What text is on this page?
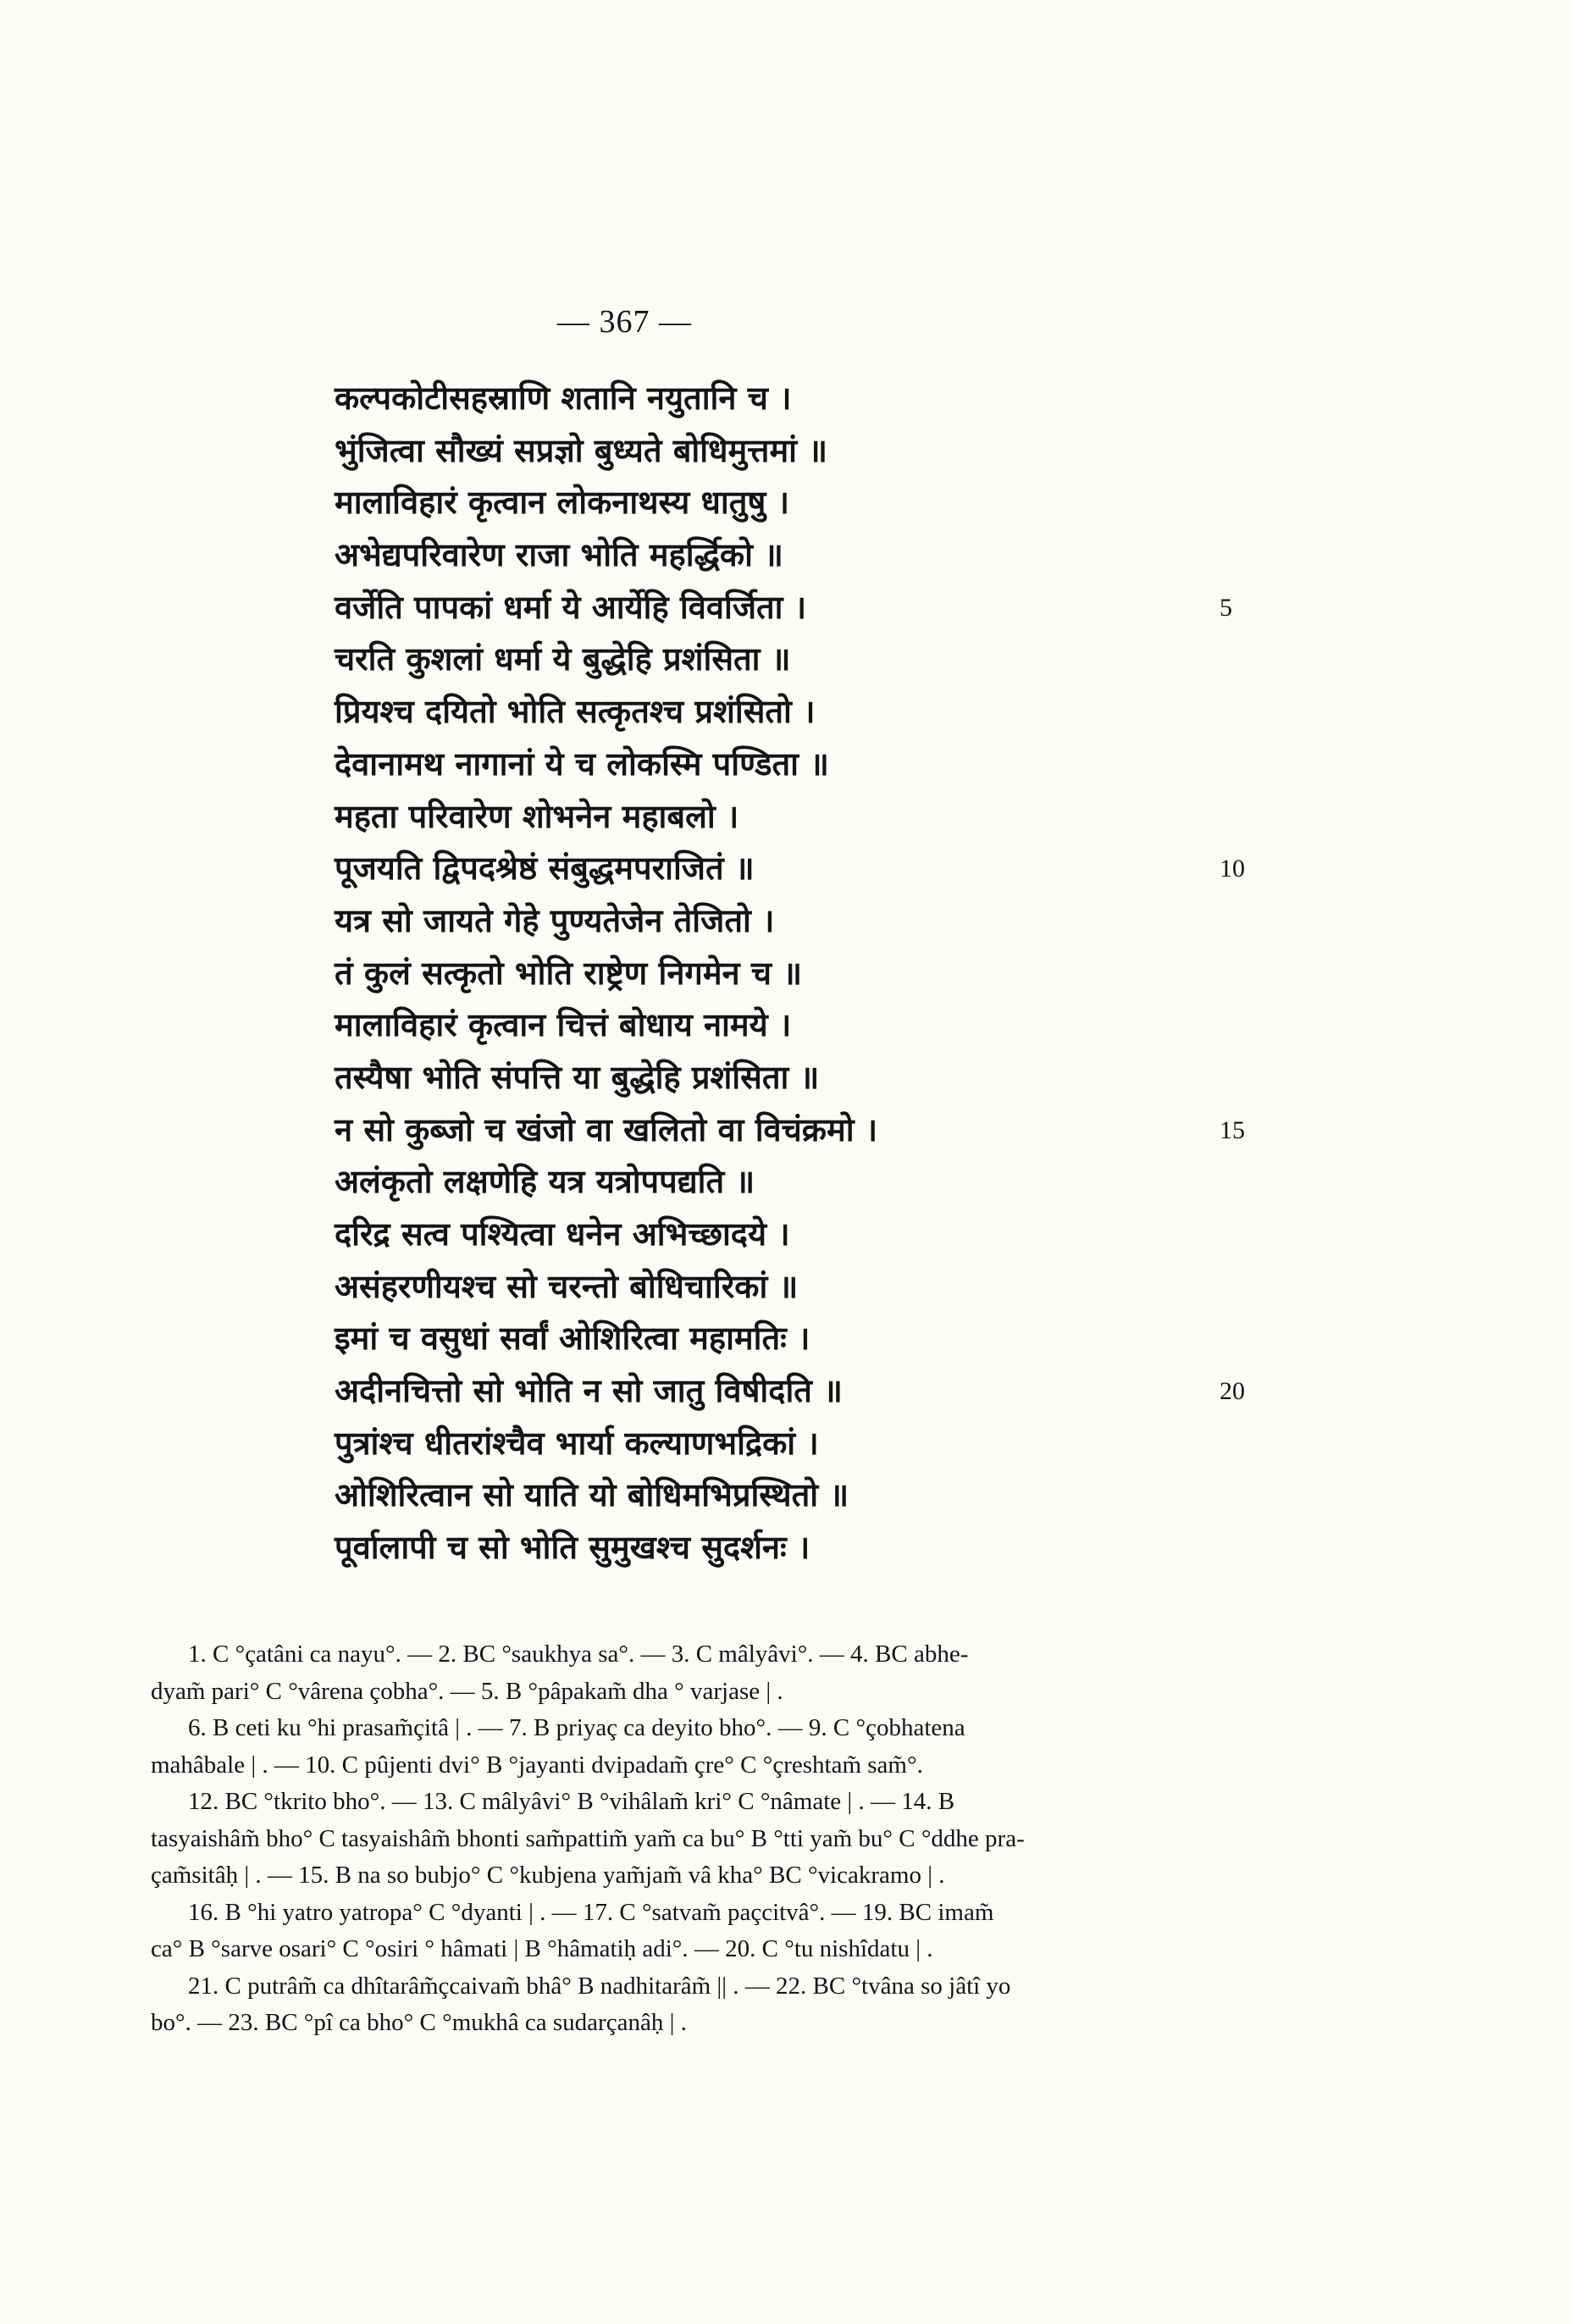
— 367 —
कल्पकोटीसहस्राणि शतानि नयुतानि च ।
भुंजित्वा सौख्यं सप्रज्ञो बुध्यते बोधिमुत्तमां ॥
मालाविहारं कृत्वान लोकनाथस्य धातुषु ।
अभेद्यपरिवारेण राजा भोति महर्द्धिको ॥
वर्जेति पापकां धर्मा ये आर्येहि विवर्जिता ।	5
चरति कुशलां धर्मा ये बुद्धेहि प्रशंसिता ॥
प्रियश्च दयितो भोति सत्कृतश्च प्रशंसितो ।
देवानामथ नागानां ये च लोकस्मि पण्डिता ॥
महता परिवारेण शोभनेन महाबलो ।
पूजयति द्विपदश्रेष्ठं संबुद्धमपराजितं ॥	10
यत्र सो जायते गेहे पुण्यतेजेन तेजितो ।
तं कुलं सत्कृतो भोति राष्ट्रेण निगमेन च ॥
मालाविहारं कृत्वान चित्तं बोधाय नामये ।
तस्यैषा भोति संपत्ति या बुद्धेहि प्रशंसिता ॥
न सो कुब्जो च खंजो वा खलितो वा विचंक्रमो ।	15
अलंकृतो लक्षणेहि यत्र यत्रोपपद्यति ॥
दरिद्र सत्व पश्यित्वा धनेन अभिच्छादये ।
असंहरणीयश्च सो चरन्तो बोधिचारिकां ॥
इमां च वसुधां सर्वां ओशिरित्वा महामतिः ।
अदीनचित्तो सो भोति न सो जातु विषीदति ॥	20
पुत्रांश्च धीतरांश्चैव भार्या कल्याणभद्रिकां ।
ओशिरित्वान सो याति यो बोधिमभिप्रस्थितो ॥
पूर्वालापी च सो भोति सुमुखश्च सुदर्शनः ।
1. C °çatâni ca nayu°. — 2. BC °saukhya sa°. — 3. C mâlyâvi°. — 4. BC abhe-
dyam̃ pari° C °vârena çobha°. — 5. B °pâpakam̃ dha ° varjase | .
6. B ceti ku °hi prasam̃çitâ | . — 7. B priyaç ca deyito bho°. — 9. C °çobhatena
mahâbale | . — 10. C pûjenti dvi° B °jayanti dvipadam̃ çre° C °çreshtam̃ sam̃°.
12. BC °tkrito bho°. — 13. C mâlyâvi° B °vihâlam̃ kri° C °nâmate | . — 14. B
tasyaishâm̃ bho° C tasyaishâm̃ bhonti sam̃pattim̃ yam̃ ca bu° B °tti yam̃ bu° C °ddhe pra-
çam̃sitâḥ | . — 15. B na so bubjo° C °kubjena yam̃jam̃ vâ kha° BC °vicakramo | .
16. B °hi yatro yatropa° C °dyanti | . — 17. C °satvam̃ paçcitvâ°. — 19. BC imam̃
ca° B °sarve osari° C °osiri ° hâmati | B °hâmatiḥ adi°. — 20. C °tu nishîdatu | .
21. C putrâm̃ ca dhîtarâm̃çcaivam̃ bhâ° B nadhitarâm̃ || . — 22. BC °tvâna so jâtî yo
bo°. — 23. BC °pî ca bho° C °mukhâ ca sudarçanâḥ | .
